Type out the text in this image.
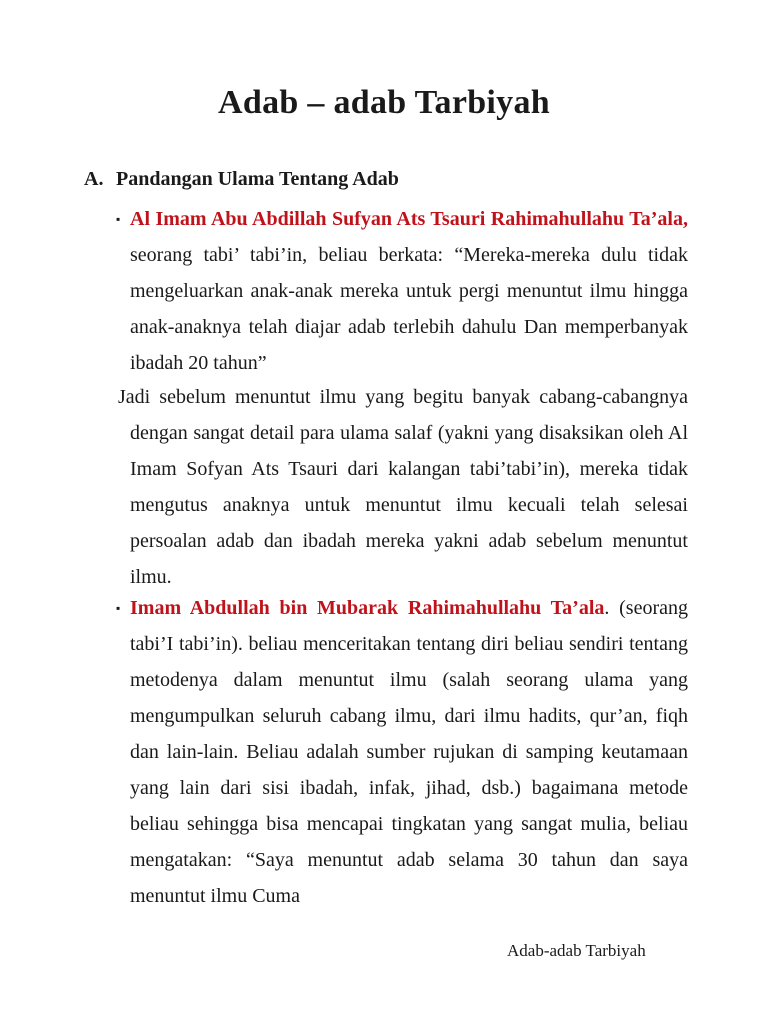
Adab – adab Tarbiyah
A. Pandangan Ulama Tentang Adab

▪ Al Imam Abu Abdillah Sufyan Ats Tsauri Rahimahullahu Ta’ala, seorang tabi’ tabi’in, beliau berkata: “Mereka-mereka dulu tidak mengeluarkan anak-anak mereka untuk pergi menuntut ilmu hingga anak-anaknya telah diajar adab terlebih dahulu Dan memperbanyak ibadah 20 tahun”

Jadi sebelum menuntut ilmu yang begitu banyak cabang-cabangnya dengan sangat detail para ulama salaf (yakni yang disaksikan oleh Al Imam Sofyan Ats Tsauri dari kalangan tabi’tabi’in), mereka tidak mengutus anaknya untuk menuntut ilmu kecuali telah selesai persoalan adab dan ibadah mereka yakni adab sebelum menuntut ilmu.

▪ Imam Abdullah bin Mubarak Rahimahullahu Ta’ala. (seorang tabi’I tabi’in). beliau menceritakan tentang diri beliau sendiri tentang metodenya dalam menuntut ilmu (salah seorang ulama yang mengumpulkan seluruh cabang ilmu, dari ilmu hadits, qur’an, fiqh dan lain-lain. Beliau adalah sumber rujukan di samping keutamaan yang lain dari sisi ibadah, infak, jihad, dsb.) bagaimana metode beliau sehingga bisa mencapai tingkatan yang sangat mulia, beliau mengatakan: “Saya menuntut adab selama 30 tahun dan saya menuntut ilmu Cuma

Adab-adab Tarbiyah
